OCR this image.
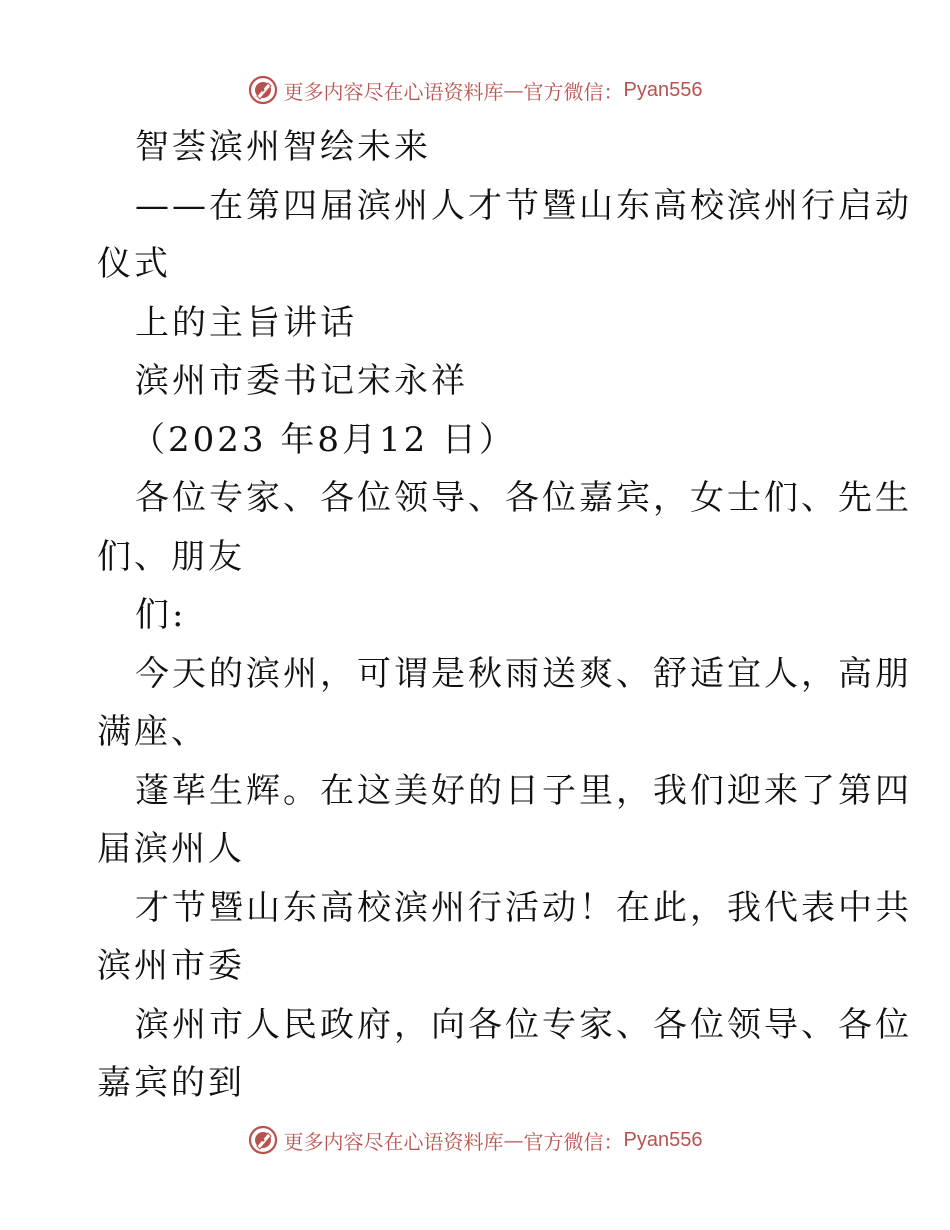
更多内容尽在心语资料库 — 官方微信： Pyan556
智荟滨州智绘未来
——在第四届滨州人才节暨山东高校滨州行启动
仪式
上的主旨讲话
滨州市委书记宋永祥
（2023 年8月12 日）
各位专家、各位领导、各位嘉宾，女士们、先生
们、朋友
们:
今天的滨州，可谓是秋雨送爽、舒适宜人，高朋
满座、
蓬荜生辉。在这美好的日子里，我们迎来了第四
届滨州人
才节暨山东高校滨州行活动！在此，我代表中共
滨州市委
滨州市人民政府，向各位专家、各位领导、各位
嘉宾的到
更多内容尽在心语资料库 — 官方微信： Pyan556
